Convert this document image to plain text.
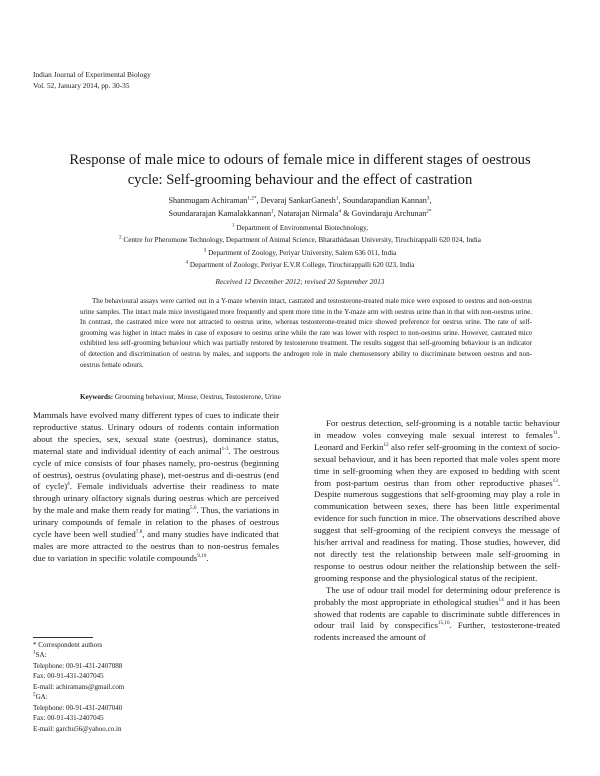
Indian Journal of Experimental Biology
Vol. 52, January 2014, pp. 30-35
Response of male mice to odours of female mice in different stages of oestrous
cycle: Self-grooming behaviour and the effect of castration
Shanmugam Achiraman$^{1,2*}$, Devaraj SankarGanesh$^1$, Soundarapandian Kannan$^3$,
Soundararajan Kamalakkannan$^1$, Natarajan Nirmala$^4$ & Govindaraju Archunan$^{2*}$
$^1$ Department of Environmental Biotechnology,
$^2$ Centre for Pheromone Technology, Department of Animal Science, Bharathidasan University, Tiruchirappalli 620 024, India
$^3$ Department of Zoology, Periyar University, Salem 636 011, India
$^4$ Department of Zoology, Periyar E.V.R College, Tiruchirappalli 620 023, India
Received 12 December 2012; revised 20 September 2013
The behavioural assays were carried out in a Y-maze wherein intact, castrated and testosterone-treated male mice were exposed to oestrus and non-oestrus urine samples. The intact male mice investigated more frequently and spent more time in the Y-maze arm with oestrus urine than in that with non-oestrus urine. In contrast, the castrated mice were not attracted to oestrus urine, whereas testosterone-treated mice showed preference for oestrus urine. The rate of self-grooming was higher in intact males in case of exposure to oestrus urine while the rate was lower with respect to non-oestrus urine. However, castrated mice exhibited less self-grooming behaviour which was partially restored by testosterone treatment. The results suggest that self-grooming behaviour is an indicator of detection and discrimination of oestrus by males, and supports the androgen role in male chemosensory ability to discriminate between oestrus and non-oestrus female odours.
Keywords: Grooming behaviour, Mouse, Oestrus, Testosterone, Urine

Mammals have evolved many different types of cues to indicate their reproductive status. Urinary odours of rodents contain information about the species, sex, sexual state (oestrus), dominance status, maternal state and individual identity of each animal$^{1-3}$. The oestrous cycle of mice consists of four phases namely, pro-oestrus (beginning of oestrus), oestrus (ovulating phase), met-oestrus and di-oestrus (end of cycle)$^4$. Female individuals advertise their readiness to mate through urinary olfactory signals during oestrus which are perceived by the male and make them ready for mating$^{5,6}$. Thus, the variations in urinary compounds of female in relation to the phases of oestrous cycle have been well studied$^{7,8}$, and many studies have indicated that males are more attracted to the oestrus than to non-oestrus females due to variation in specific volatile compounds$^{9,10}$.

* Correspondent authors
$^1$SA:
Telephone: 00-91-431-2407088
Fax: 00-91-431-2407045
E-mail: achiramans@gmail.com
$^2$GA:
Telephone: 00-91-431-2407040
Fax: 00-91-431-2407045
E-mail: garchu56@yahoo.co.in

For oestrus detection, self-grooming is a notable tactic behaviour in meadow voles conveying male sexual interest to females$^{11}$. Leonard and Ferkin$^{12}$ also refer self-grooming in the context of socio-sexual behaviour, and it has been reported that male voles spent more time in self-grooming when they are exposed to bedding with scent from post-partum oestrus than from other reproductive phases$^{13}$. Despite numerous suggestions that self-grooming may play a role in communication between sexes, there has been little experimental evidence for such function in mice. The observations described above suggest that self-grooming of the recipient conveys the message of his/her arrival and readiness for mating. Those studies, however, did not directly test the relationship between male self-grooming in response to oestrus odour neither the relationship between the self-grooming response and the physiological status of the recipient.

The use of odour trail model for determining odour preference is probably the most appropriate in ethological studies$^{14}$ and it has been showed that rodents are capable to discriminate subtle differences in odour trail laid by conspecifics$^{15,16}$. Further, testosterone-treated rodents increased the amount of
